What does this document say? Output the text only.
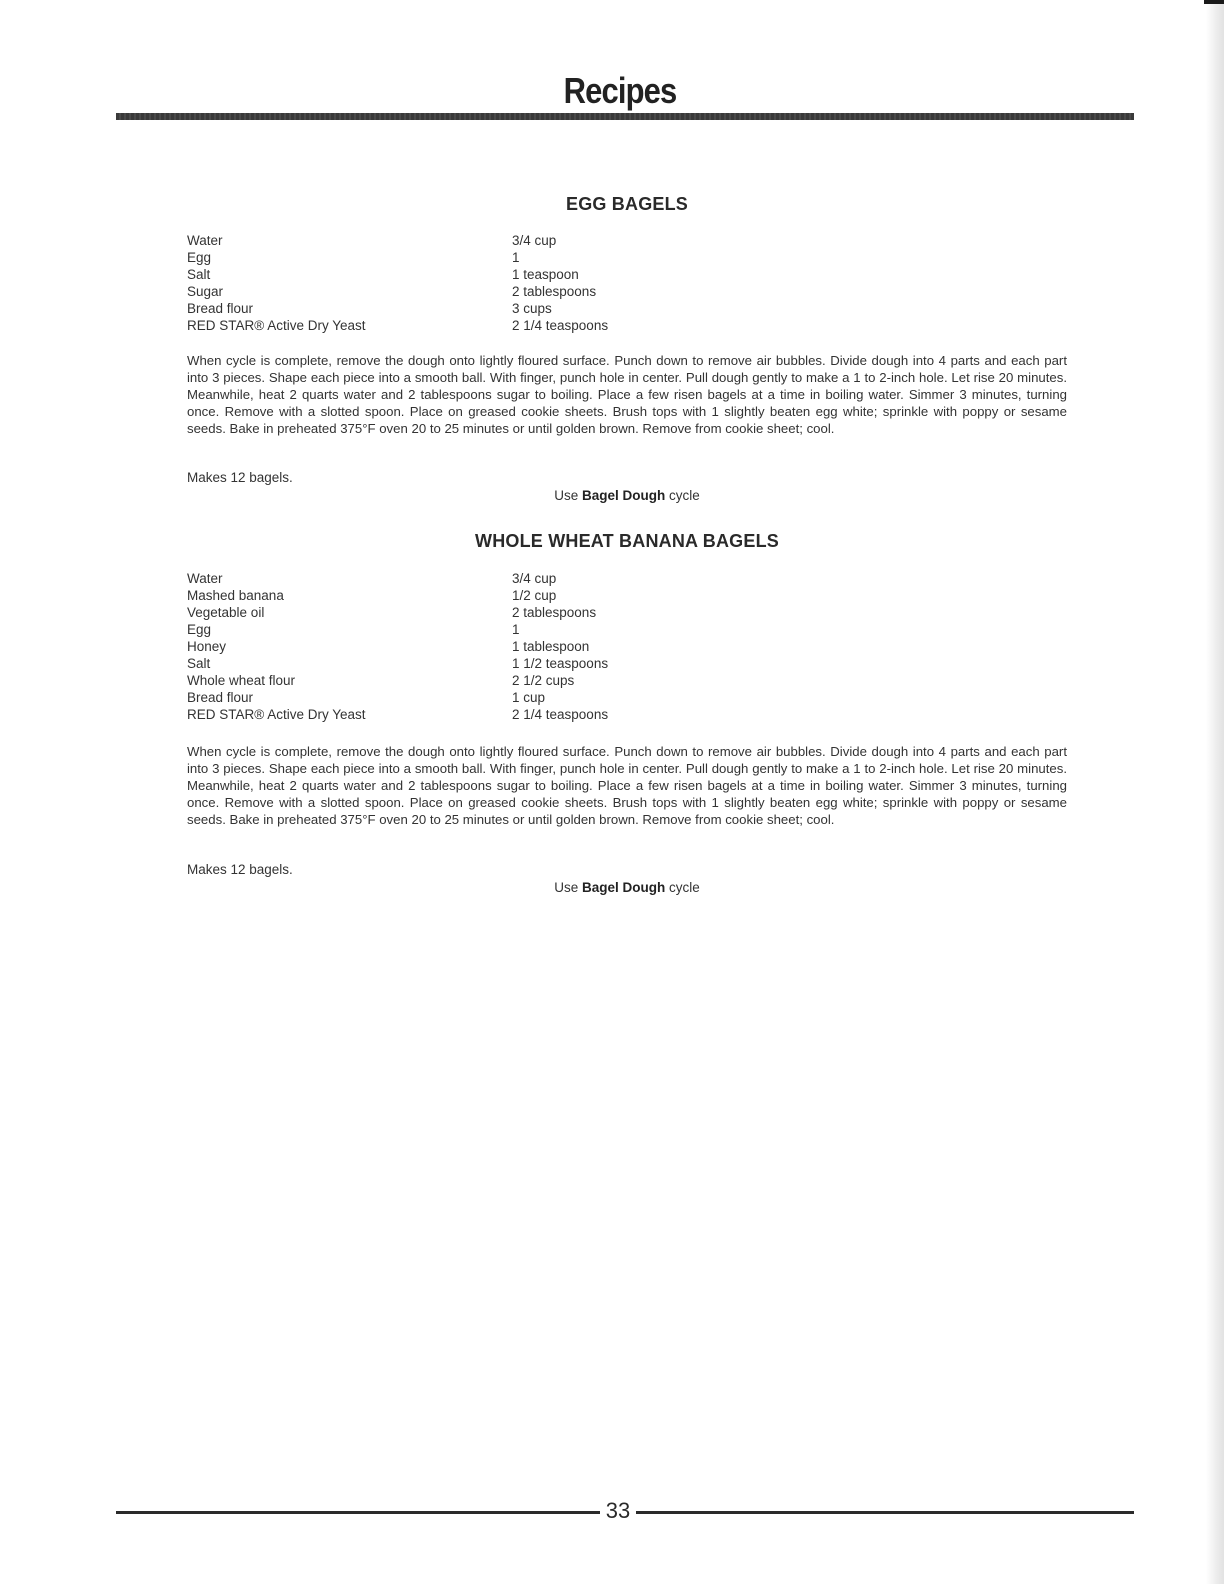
Recipes
EGG BAGELS
Water	3/4 cup
Egg	1
Salt	1 teaspoon
Sugar	2 tablespoons
Bread flour	3 cups
RED STAR® Active Dry Yeast	2 1/4 teaspoons

When cycle is complete, remove the dough onto lightly floured surface. Punch down to remove air bubbles. Divide dough into 4 parts and each part into 3 pieces. Shape each piece into a smooth ball. With finger, punch hole in center. Pull dough gently to make a 1 to 2-inch hole. Let rise 20 minutes. Meanwhile, heat 2 quarts water and 2 tablespoons sugar to boiling. Place a few risen bagels at a time in boiling water. Simmer 3 minutes, turning once. Remove with a slotted spoon. Place on greased cookie sheets. Brush tops with 1 slightly beaten egg white; sprinkle with poppy or sesame seeds. Bake in preheated 375°F oven 20 to 25 minutes or until golden brown. Remove from cookie sheet; cool.

Makes 12 bagels.
Use Bagel Dough cycle
WHOLE WHEAT BANANA BAGELS
Water	3/4 cup
Mashed banana	1/2 cup
Vegetable oil	2 tablespoons
Egg	1
Honey	1 tablespoon
Salt	1 1/2 teaspoons
Whole wheat flour	2 1/2 cups
Bread flour	1 cup
RED STAR® Active Dry Yeast	2 1/4 teaspoons

When cycle is complete, remove the dough onto lightly floured surface. Punch down to remove air bubbles. Divide dough into 4 parts and each part into 3 pieces. Shape each piece into a smooth ball. With finger, punch hole in center. Pull dough gently to make a 1 to 2-inch hole. Let rise 20 minutes. Meanwhile, heat 2 quarts water and 2 tablespoons sugar to boiling. Place a few risen bagels at a time in boiling water. Simmer 3 minutes, turning once. Remove with a slotted spoon. Place on greased cookie sheets. Brush tops with 1 slightly beaten egg white; sprinkle with poppy or sesame seeds. Bake in preheated 375°F oven 20 to 25 minutes or until golden brown. Remove from cookie sheet; cool.

Makes 12 bagels.
Use Bagel Dough cycle
33
